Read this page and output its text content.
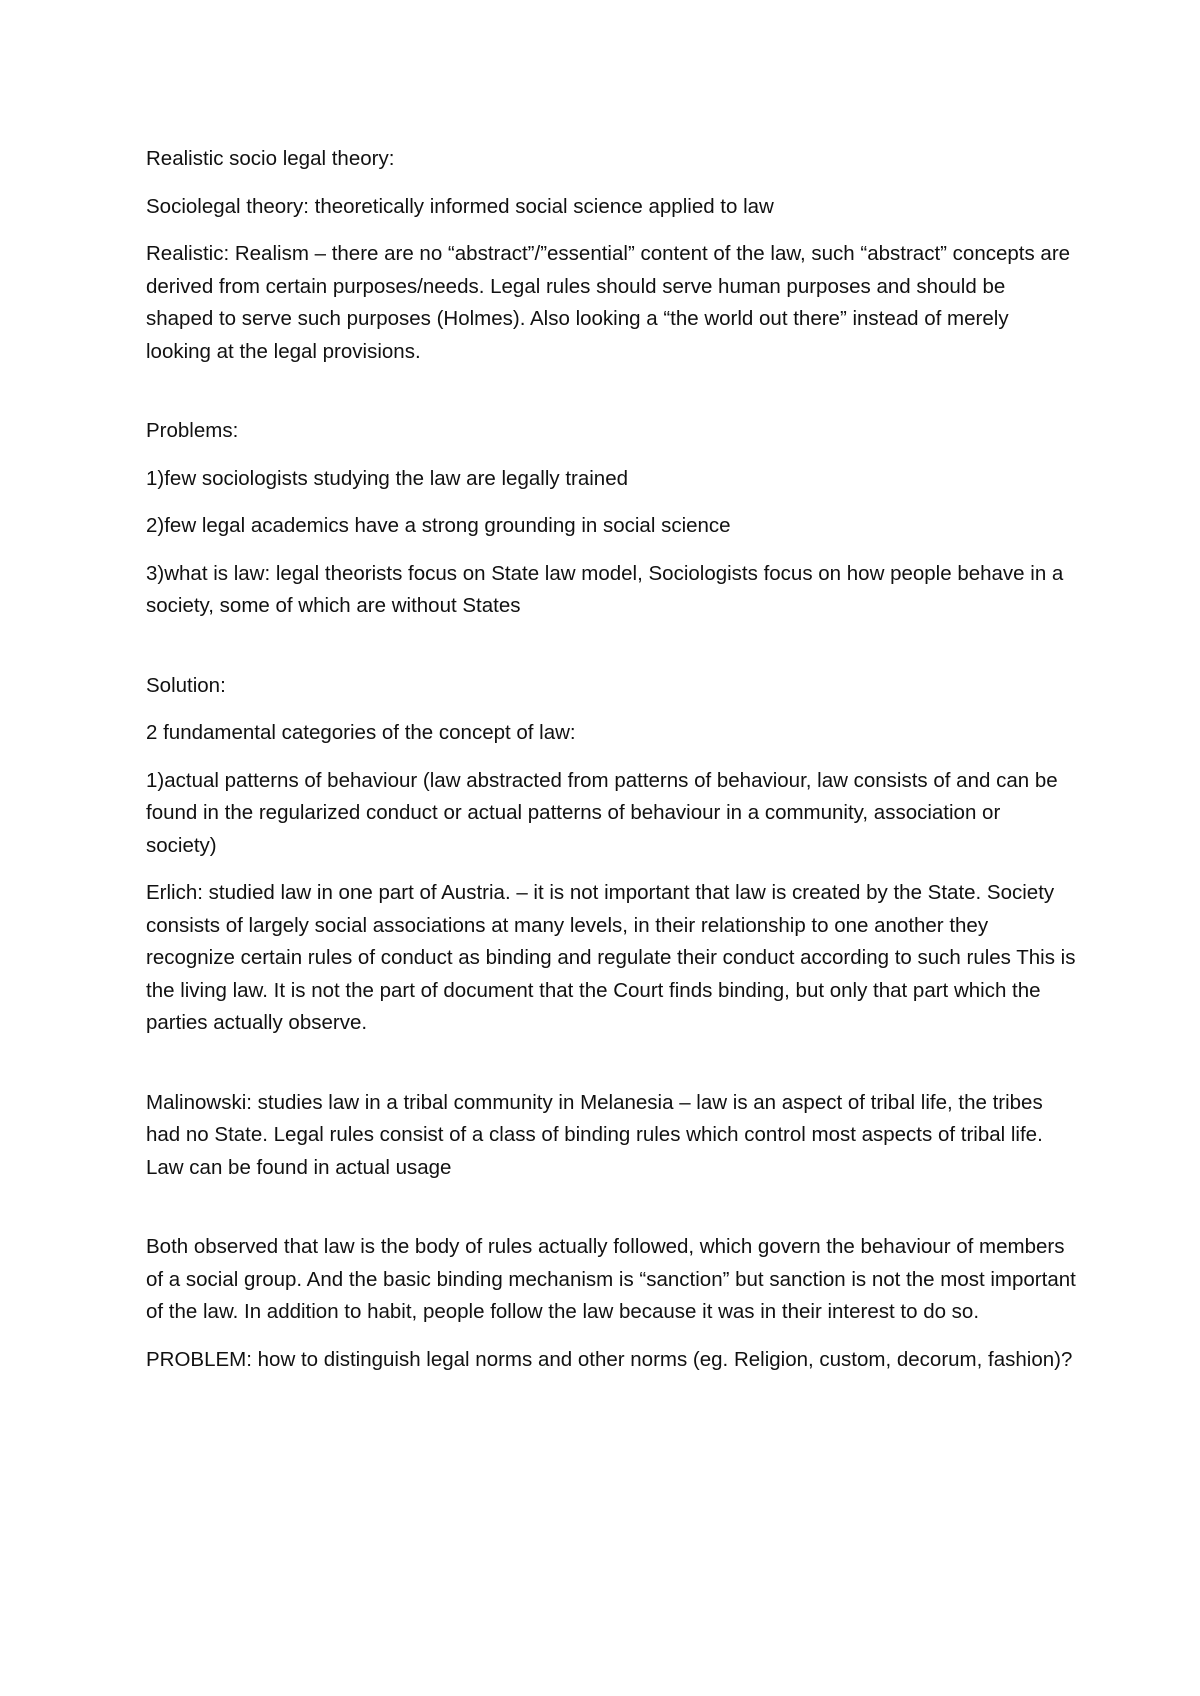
Realistic socio legal theory:

Sociolegal theory: theoretically informed social science applied to law

Realistic: Realism – there are no “abstract”/”essential” content of the law, such “abstract” concepts are derived from certain purposes/needs. Legal rules should serve human purposes and should be shaped to serve such purposes (Holmes). Also looking a “the world out there” instead of merely looking at the legal provisions.

Problems:

1)few sociologists studying the law are legally trained

2)few legal academics have a strong grounding in social science

3)what is law: legal theorists focus on State law model, Sociologists focus on how people behave in a society, some of which are without States

Solution:

2 fundamental categories of the concept of law:

1)actual patterns of behaviour (law abstracted from patterns of behaviour, law consists of and can be found in the regularized conduct or actual patterns of behaviour in a community, association or society)

Erlich: studied law in one part of Austria. – it is not important that law is created by the State. Society consists of largely social associations at many levels, in their relationship to one another they recognize certain rules of conduct as binding and regulate their conduct according to such rules This is the living law. It is not the part of document that the Court finds binding, but only that part which the parties actually observe.

Malinowski: studies law in a tribal community in Melanesia – law is an aspect of tribal life, the tribes had no State. Legal rules consist of a class of binding rules which control most aspects of tribal life. Law can be found in actual usage

Both observed that law is the body of rules actually followed, which govern the behaviour of members of a social group. And the basic binding mechanism is “sanction” but sanction is not the most important of the law. In addition to habit, people follow the law because it was in their interest to do so.

PROBLEM: how to distinguish legal norms and other norms (eg. Religion, custom, decorum, fashion)?
